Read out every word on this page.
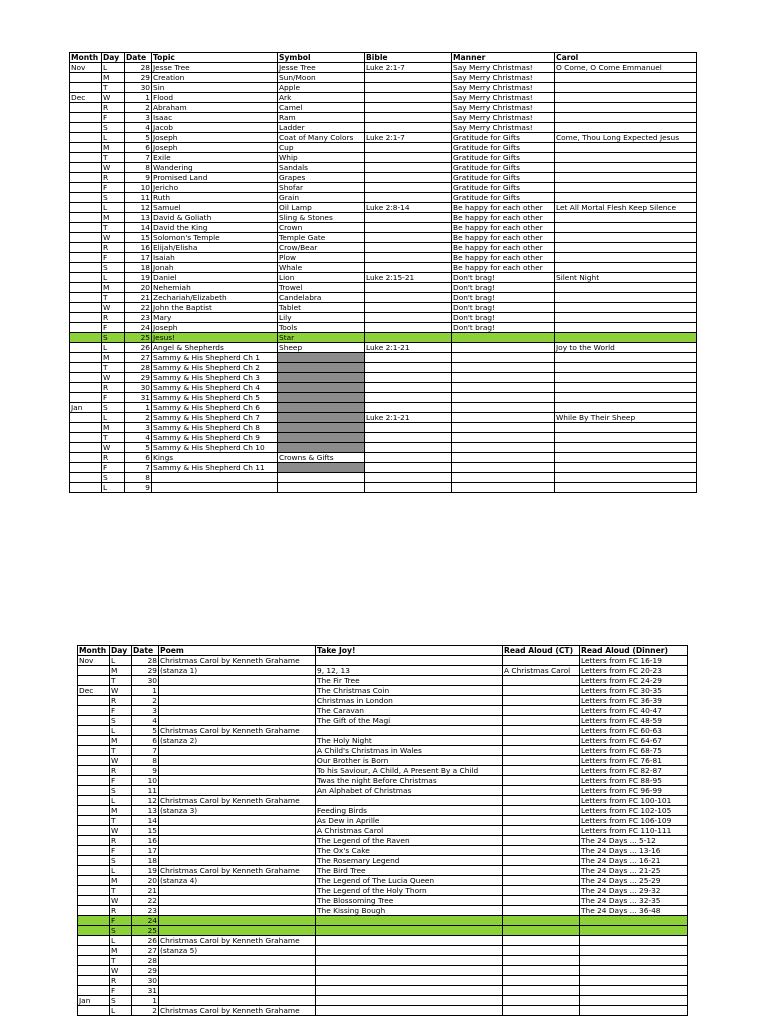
Month	Day	Date	Topic	Symbol	Bible	Manner	Carol
Nov	L	28	Jesse Tree	Jesse Tree	Luke 2:1-7	Say Merry Christmas!	O Come, O Come Emmanuel
	M	29	Creation	Sun/Moon		Say Merry Christmas!	
	T	30	Sin	Apple		Say Merry Christmas!	
Dec	W	1	Flood	Ark		Say Merry Christmas!	
	R	2	Abraham	Camel		Say Merry Christmas!	
	F	3	Isaac	Ram		Say Merry Christmas!	
	S	4	Jacob	Ladder		Say Merry Christmas!	
	L	5	Joseph	Coat of Many Colors	Luke 2:1-7	Gratitude for Gifts	Come, Thou Long Expected Jesus
	M	6	Joseph	Cup		Gratitude for Gifts	
	T	7	Exile	Whip		Gratitude for Gifts	
	W	8	Wandering	Sandals		Gratitude for Gifts	
	R	9	Promised Land	Grapes		Gratitude for Gifts	
	F	10	Jericho	Shofar		Gratitude for Gifts	
	S	11	Ruth	Grain		Gratitude for Gifts	
	L	12	Samuel	Oil Lamp	Luke 2:8-14	Be happy for each other	Let All Mortal Flesh Keep Silence
	M	13	David & Goliath	Sling & Stones		Be happy for each other	
	T	14	David the King	Crown		Be happy for each other	
	W	15	Solomon's Temple	Temple Gate		Be happy for each other	
	R	16	Elijah/Elisha	Crow/Bear		Be happy for each other	
	F	17	Isaiah	Plow		Be happy for each other	
	S	18	Jonah	Whale		Be happy for each other	
	L	19	Daniel	Lion	Luke 2:15-21	Don't brag!	Silent Night
	M	20	Nehemiah	Trowel		Don't brag!	
	T	21	Zechariah/Elizabeth	Candelabra		Don't brag!	
	W	22	John the Baptist	Tablet		Don't brag!	
	R	23	Mary	Lily		Don't brag!	
	F	24	Joseph	Tools		Don't brag!	
	S	25	Jesus!	Star			
	L	26	Angel & Shepherds	Sheep	Luke 2:1-21		Joy to the World
	M	27	Sammy & His Shepherd Ch 1				
	T	28	Sammy & His Shepherd Ch 2				
	W	29	Sammy & His Shepherd Ch 3				
	R	30	Sammy & His Shepherd Ch 4				
	F	31	Sammy & His Shepherd Ch 5				
Jan	S	1	Sammy & His Shepherd Ch 6				
	L	2	Sammy & His Shepherd Ch 7		Luke 2:1-21		While By Their Sheep
	M	3	Sammy & His Shepherd Ch 8				
	T	4	Sammy & His Shepherd Ch 9				
	W	5	Sammy & His Shepherd Ch 10				
	R	6	Kings	Crowns & Gifts			
	F	7	Sammy & His Shepherd Ch 11				
	S	8					
	L	9					
Month	Day	Date	Poem	Take Joy!	Read Aloud (CT)	Read Aloud (Dinner)
Nov	L	28	Christmas Carol by Kenneth Grahame			Letters from FC 16-19
	M	29	(stanza 1)	9, 12, 13	A Christmas Carol	Letters from FC 20-23
	T	30		The Fir Tree		Letters from FC 24-29
Dec	W	1		The Christmas Coin		Letters from FC 30-35
	R	2		Christmas in London		Letters from FC 36-39
	F	3		The Caravan		Letters from FC 40-47
	S	4		The Gift of the Magi		Letters from FC 48-59
	L	5	Christmas Carol by Kenneth Grahame			Letters from FC 60-63
	M	6	(stanza 2)	The Holy Night		Letters from FC 64-67
	T	7		A Child's Christmas in Wales		Letters from FC 68-75
	W	8		Our Brother is Born		Letters from FC 76-81
	R	9		To his Saviour, A Child, A Present By a Child		Letters from FC 82-87
	F	10		Twas the night Before Christmas		Letters from FC 88-95
	S	11		An Alphabet of Christmas		Letters from FC 96-99
	L	12	Christmas Carol by Kenneth Grahame			Letters from FC 100-101
	M	13	(stanza 3)	Feeding Birds		Letters from FC 102-105
	T	14		As Dew in Aprille		Letters from FC 106-109
	W	15		A Christmas Carol		Letters from FC 110-111
	R	16		The Legend of the Raven		The 24 Days ... 5-12
	F	17		The Ox's Cake		The 24 Days ... 13-16
	S	18		The Rosemary Legend		The 24 Days ... 16-21
	L	19	Christmas Carol by Kenneth Grahame	The Bird Tree		The 24 Days ... 21-25
	M	20	(stanza 4)	The Legend of The Lucia Queen		The 24 Days ... 25-29
	T	21		The Legend of the Holy Thorn		The 24 Days ... 29-32
	W	22		The Blossoming Tree		The 24 Days ... 32-35
	R	23		The Kissing Bough		The 24 Days ... 36-48
	F	24				
	S	25				
	L	26	Christmas Carol by Kenneth Grahame			
	M	27	(stanza 5)			
	T	28				
	W	29				
	R	30				
	F	31				
Jan	S	1				
	L	2	Christmas Carol by Kenneth Grahame			
